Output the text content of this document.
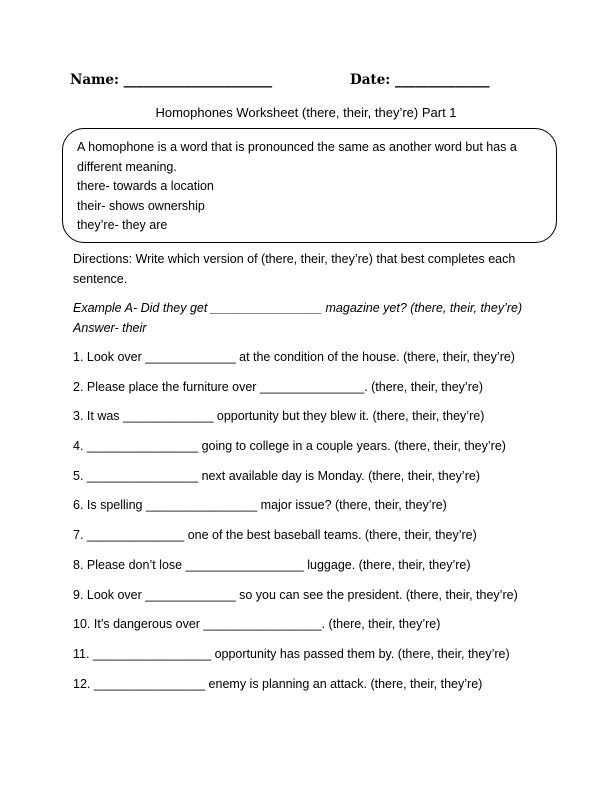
Name: ______________________	Date: ______________
Homophones Worksheet (there, their, they’re) Part 1
A homophone is a word that is pronounced the same as another word but has a
different meaning.
there- towards a location
their- shows ownership
they’re- they are
Directions: Write which version of (there, their, they’re) that best completes each
sentence.
Example A- Did they get ________________ magazine yet? (there, their, they’re)
Answer- their
1. Look over _____________ at the condition of the house. (there, their, they’re)
2. Please place the furniture over _______________. (there, their, they’re)
3. It was _____________ opportunity but they blew it. (there, their, they’re)
4. ________________ going to college in a couple years. (there, their, they’re)
5. ________________ next available day is Monday. (there, their, they’re)
6. Is spelling ________________ major issue? (there, their, they’re)
7. ______________ one of the best baseball teams. (there, their, they’re)
8. Please don’t lose _________________ luggage. (there, their, they’re)
9. Look over _____________ so you can see the president. (there, their, they’re)
10. It’s dangerous over _________________. (there, their, they’re)
11. _________________ opportunity has passed them by. (there, their, they’re)
12. ________________ enemy is planning an attack. (there, their, they’re)
